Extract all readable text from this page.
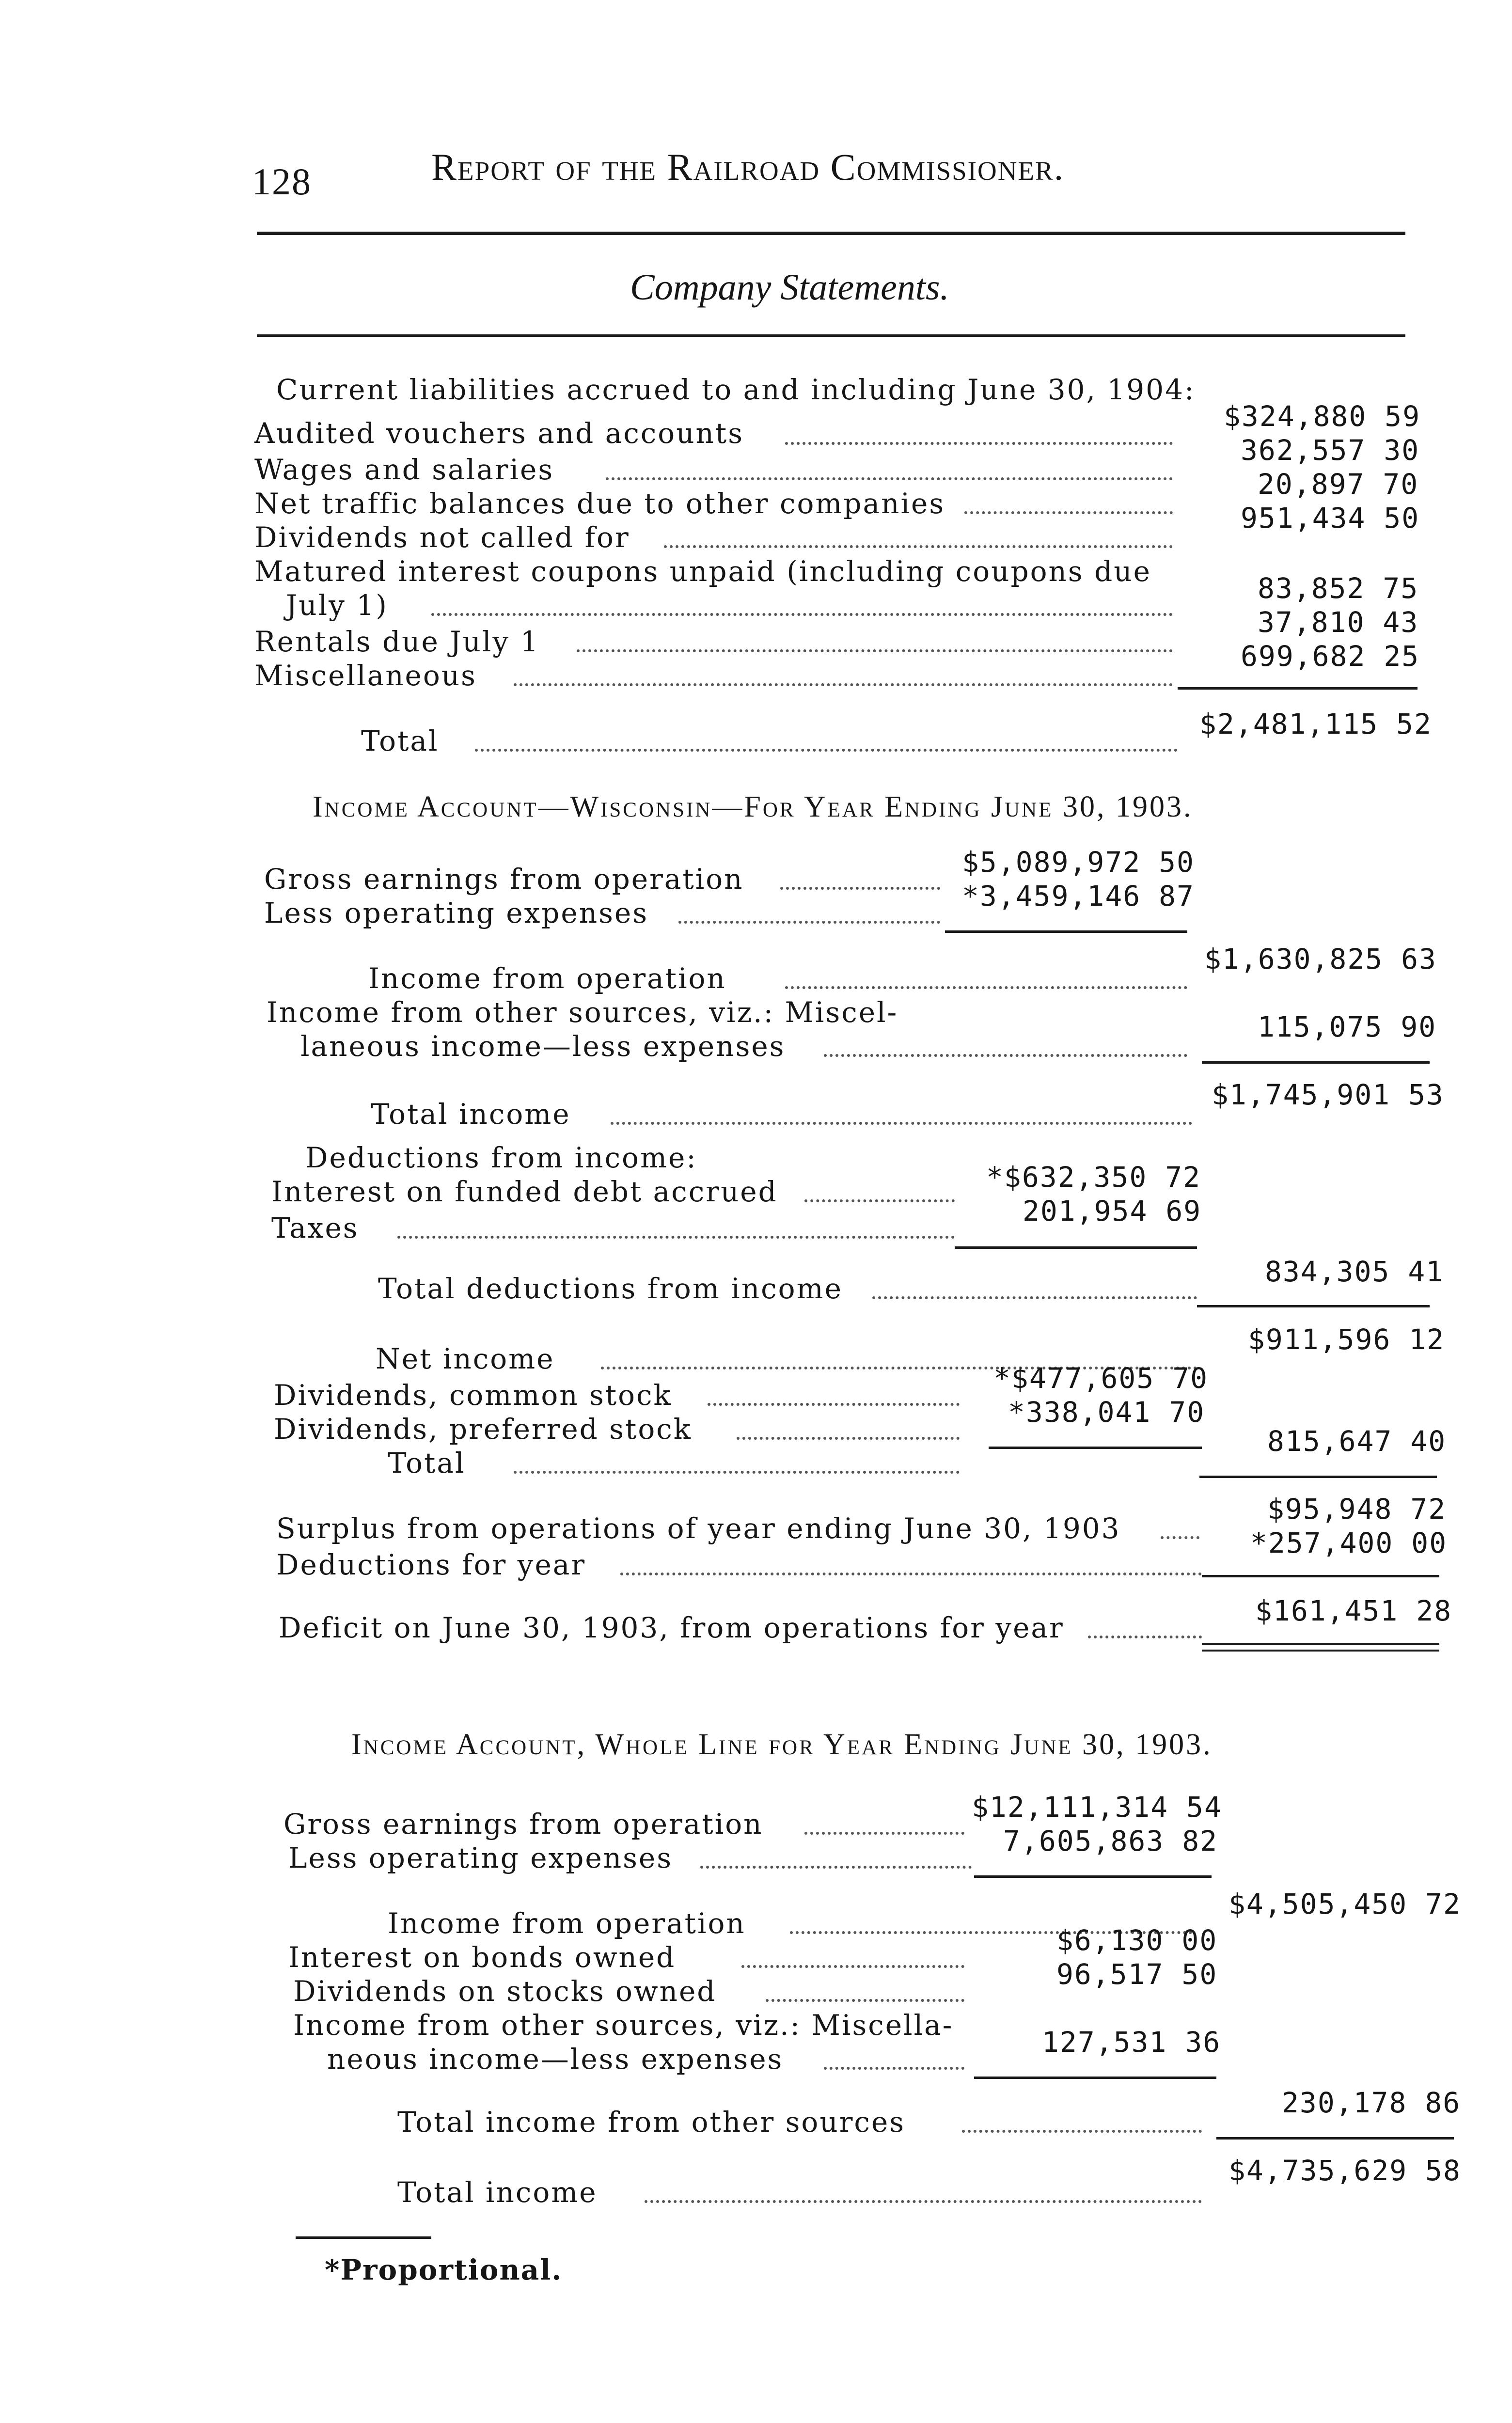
128	Report of the Railroad Commissioner.
Company Statements.
Current liabilities accrued to and including June 30, 1904:
Audited vouchers and accounts
$324,880 59
Wages and salaries
362,557 30
Net traffic balances due to other companies
20,897 70
Dividends not called for
951,434 50
Matured interest coupons unpaid (including coupons due
July 1)
83,852 75
Rentals due July 1
37,810 43
Miscellaneous
699,682 25
Total
$2,481,115 52
Income Account—Wisconsin—For Year Ending June 30, 1903.
Gross earnings from operation
$5,089,972 50
Less operating expenses
*3,459,146 87
Income from operation
$1,630,825 63
Income from other sources, viz.: Miscel-
laneous income—less expenses
115,075 90
Total income
$1,745,901 53
Deductions from income:
Interest on funded debt accrued	*$632,350 72
Taxes
201,954 69
Total deductions from income
834,305 41
Net income
$911,596 12
Dividends, common stock
*$477,605 70
Dividends, preferred stock
*338,041 70
Total
815,647 40
Surplus from operations of year ending June 30, 1903
$95,948 72
Deductions for year
*257,400 00
Deficit on June 30, 1903, from operations for year
$161,451 28
Income Account, Whole Line for Year Ending June 30, 1903.
Gross earnings from operation
$12,111,314 54
Less operating expenses
7,605,863 82
Income from operation
$4,505,450 72
Interest on bonds owned
$6,130 00
Dividends on stocks owned
96,517 50
Income from other sources, viz.: Miscella-
neous income—less expenses
127,531 36
Total income from other sources
230,178 86
Total income
$4,735,629 58
*Proportional.
